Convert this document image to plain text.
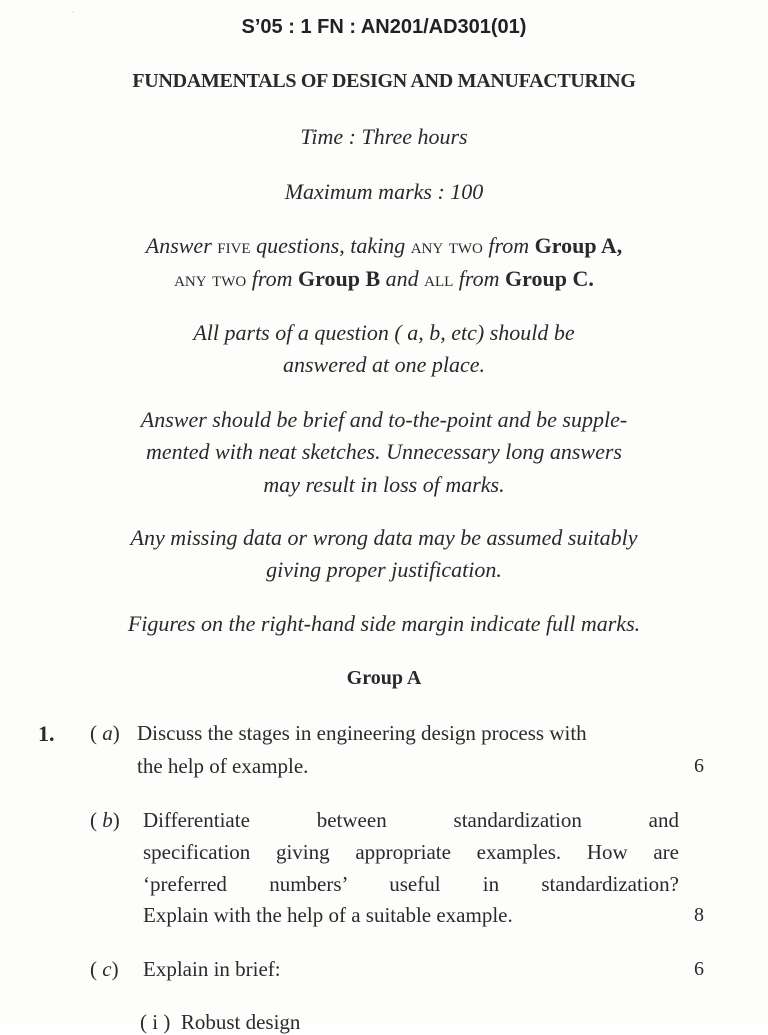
·
S’05 : 1 FN : AN201/AD301(01)
FUNDAMENTALS OF DESIGN AND MANUFACTURING
Time : Three hours
Maximum marks : 100
Answer five questions, taking any two from Group A,
any two from Group B and all from Group C.
All parts of a question ( a, b, etc) should be
answered at one place.
Answer should be brief and to-the-point and be supple-
mented with neat sketches. Unnecessary long answers
may result in loss of marks.
Any missing data or wrong data may be assumed suitably
giving proper justification.
Figures on the right-hand side margin indicate full marks.
Group A
1. ( a) Discuss the stages in engineering design process with
the help of example.	6
( b) Differentiate between standardization and
specification giving appropriate examples. How are
‘preferred numbers’ useful in standardization?
Explain with the help of a suitable example.	8
( c) Explain in brief:	6
( i ) Robust design
